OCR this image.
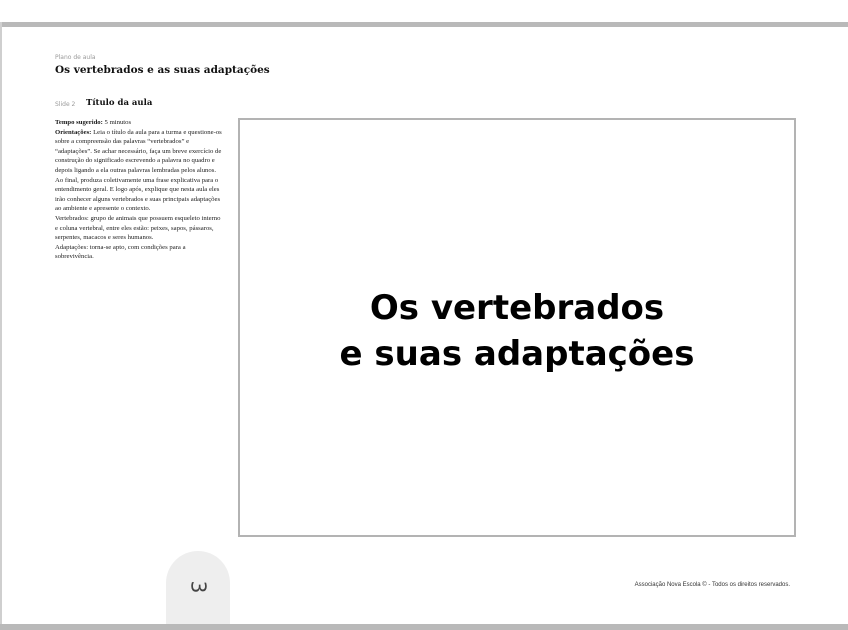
Plano de aula
Os vertebrados e as suas adaptações
Slide 2 Título da aula

Tempo sugerido: 5 minutos

Orientações: Leia o título da aula para a turma e questione-os sobre a compreensão das palavras “vertebrados” e “adaptações”. Se achar necessário, faça um breve exercício de construção do significado escrevendo a palavra no quadro e depois ligando a ela outras palavras lembradas pelos alunos. Ao final, produza coletivamente uma frase explicativa para o entendimento geral. E logo após, explique que nesta aula eles irão conhecer alguns vertebrados e suas principais adaptações ao ambiente e apresente o contexto.

Vertebrados: grupo de animais que possuem esqueleto interno e coluna vertebral, entre eles estão: peixes, sapos, pássaros, serpentes, macacos e seres humanos.

Adaptações: torna-se apto, com condições para a sobrevivência.

Os vertebrados
e suas adaptações
3	Associação Nova Escola © - Todos os direitos reservados.
